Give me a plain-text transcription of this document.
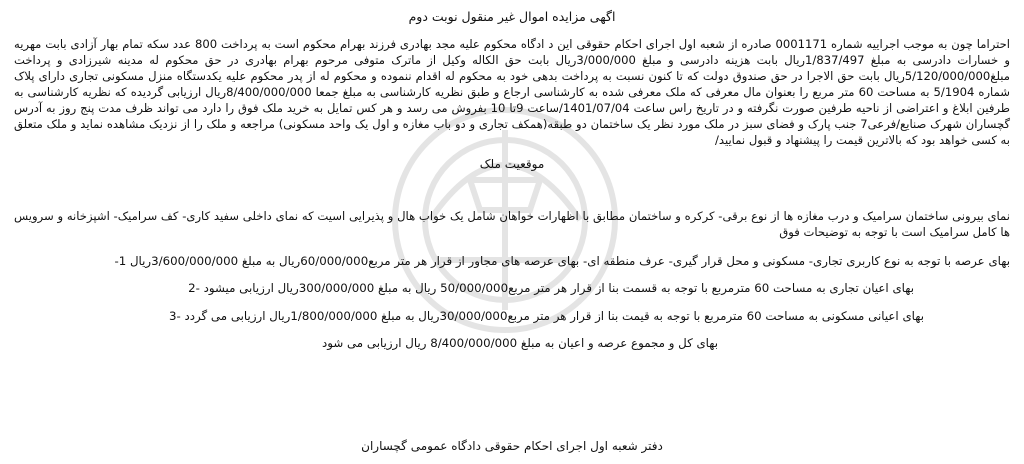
اگهی مزایده اموال غیر منقول نوبت دوم

احتراما چون به موجب اجراییه شماره 0001171 صادره از شعبه اول اجرای احکام حقوقی این د ادگاه محکوم علیه مجد بهادری فرزند بهرام محکوم است به پرداخت 800 عدد سکه تمام بهار آزادی بابت مهریه و خسارات دادرسی به مبلغ 1/837/497ریال بابت هزینه دادرسی و مبلغ 3/000/000ریال بابت حق الکاله وکیل از ماترک متوفی مرحوم بهرام بهادری در حق محکوم له مدینه شیرزادی و پرداخت مبلغ5/120/000/000ریال بابت حق الاجرا در حق صندوق دولت که تا کنون نسبت به پرداخت بدهی خود به محکوم له اقدام ننموده و محکوم له از پدر محکوم علیه یکدستگاه منزل مسکونی تجاری دارای پلاک شماره 5/1904 به مساحت 60 متر مربع را بعنوان مال معرفی که ملک معرفی شده به کارشناسی ارجاع و طبق نظریه کارشناسی به مبلغ جمعا 8/400/000/000ریال ارزیابی گردیده که نظریه کارشناسی به طرفین ابلاغ و اعتراضی از ناحیه طرفین صورت نگرفته و در تاریخ راس ساعت 1401/07/04/ساعت 9تا 10 بفروش می رسد و هر کس تمایل به خرید ملک فوق را دارد می تواند ظرف مدت پنج روز به آدرس گچساران شهرک صنایع/فرعی7 جنب پارک و فضای سبز در ملک مورد نظر یک ساختمان دو طبقه(همکف تجاری و دو باب مغازه و اول یک واحد مسکونی) مراجعه و ملک را از نزدیک مشاهده نماید و ملک متعلق به کسی خواهد بود که بالاترین قیمت را پیشنهاد و قبول نمایید/

موقعیت ملک

نمای بیرونی ساختمان سرامیک و درب مغازه ها از نوع برقی- کرکره و ساختمان مطابق با اظهارات خواهان شامل یک خواب هال و پذیرایی اسیت که نمای داخلی سفید کاری- کف سرامیک- اشپزخانه و سرویس ها کامل سرامیک است با توجه به توضیحات فوق

بهای عرصه با توجه به نوع کاربری تجاری- مسکونی و محل قرار گیری- عرف منطقه ای- بهای عرصه های مجاور از قرار هر متر مربع60/000/000ریال به مبلغ 3/600/000/000ریال 1-

بهای اعیان تجاری به مساحت 60 مترمربع با توجه به قسمت بنا از قرار هر متر مربع50/000/000 ریال به مبلغ 300/000/000ریال ارزیابی میشود -2

بهای اعیانی مسکونی به مساحت 60 مترمربع با توجه به قیمت بنا از قرار هر متر مربع30/000/000ریال به مبلغ 1/800/000/000ریال ارزیابی می گردد -3

بهای کل و مجموع عرصه و اعیان به مبلغ 8/400/000/000 ریال ارزیابی می شود

دفتر شعبه اول اجرای احکام حقوقی دادگاه عمومی گچساران
